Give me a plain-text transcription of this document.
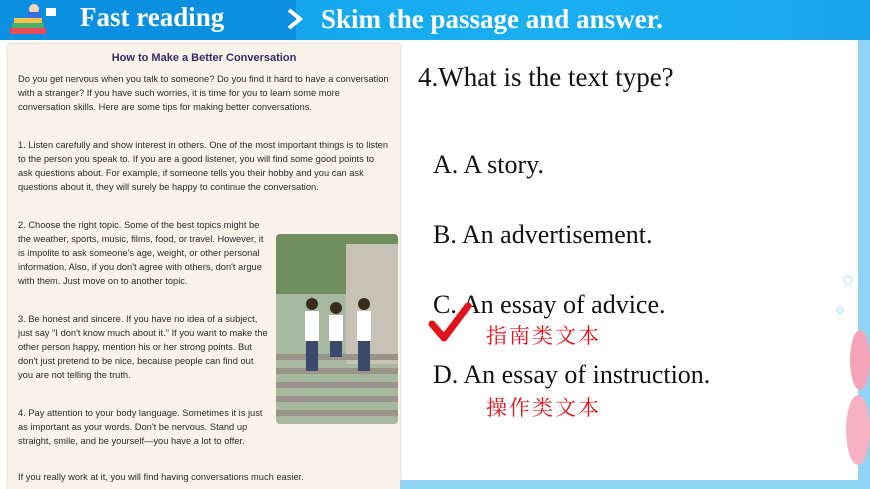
Fast reading	Skim the passage and answer.
How to Make a Better Conversation

Do you get nervous when you talk to someone? Do you find it hard to have a conversation with a stranger? If you have such worries, it is time for you to learn some more conversation skills. Here are some tips for making better conversations.

1. Listen carefully and show interest in others. One of the most important things is to listen to the person you speak to. If you are a good listener, you will find some good points to ask questions about. For example, if someone tells you their hobby and you can ask questions about it, they will surely be happy to continue the conversation.

2. Choose the right topic. Some of the best topics might be the weather, sports, music, films, food, or travel. However, it is impolite to ask someone's age, weight, or other personal information. Also, if you don't agree with others, don't argue with them. Just move on to another topic.

3. Be honest and sincere. If you have no idea of a subject, just say "I don't know much about it." If you want to make the other person happy, mention his or her strong points. But don't just pretend to be nice, because people can find out you are not telling the truth.

4. Pay attention to your body language. Sometimes it is just as important as your words. Don't be nervous. Stand up straight, smile, and be yourself—you have a lot to offer.

If you really work at it, you will find having conversations much easier.

4.What is the text type?
A. A story.
B. An advertisement.
C. An essay of advice.
指南类文本
D. An essay of instruction.
操作类文本
